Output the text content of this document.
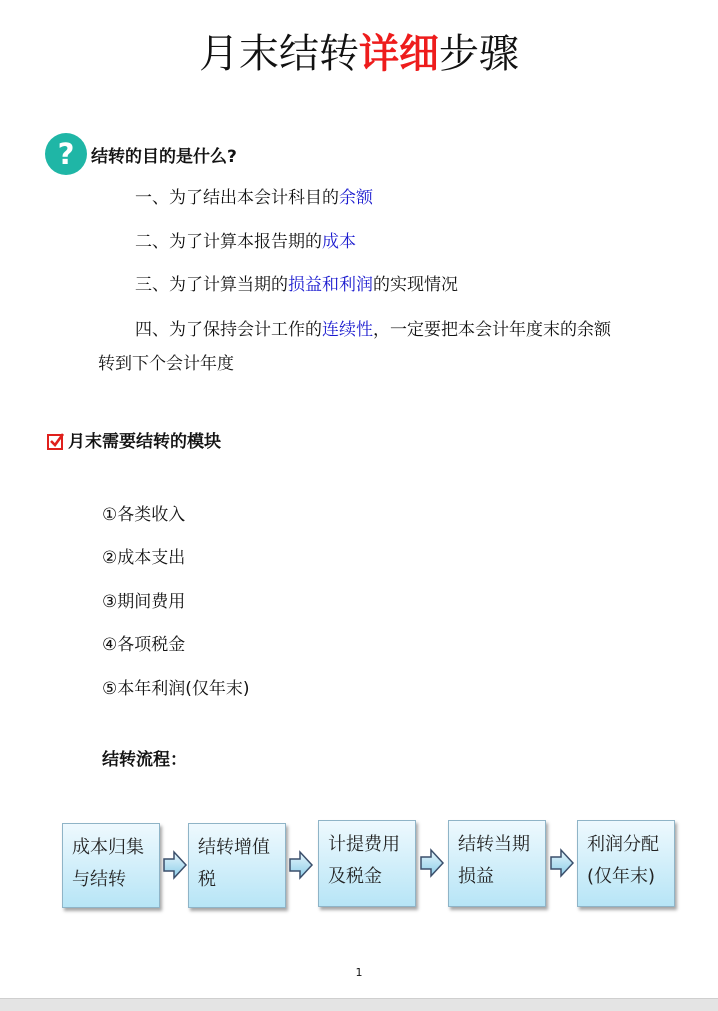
月末结转详细步骤
? 结转的目的是什么?
一、为了结出本会计科目的余额
二、为了计算本报告期的成本
三、为了计算当期的损益和利润的实现情况
四、为了保持会计工作的连续性，一定要把本会计年度末的余额
转到下个会计年度
月末需要结转的模块
①各类收入
②成本支出
③期间费用
④各项税金
⑤本年利润(仅年末)
结转流程：
成本归集
与结转
结转增值
税
计提费用
及税金
结转当期
损益
利润分配
(仅年末)
1
